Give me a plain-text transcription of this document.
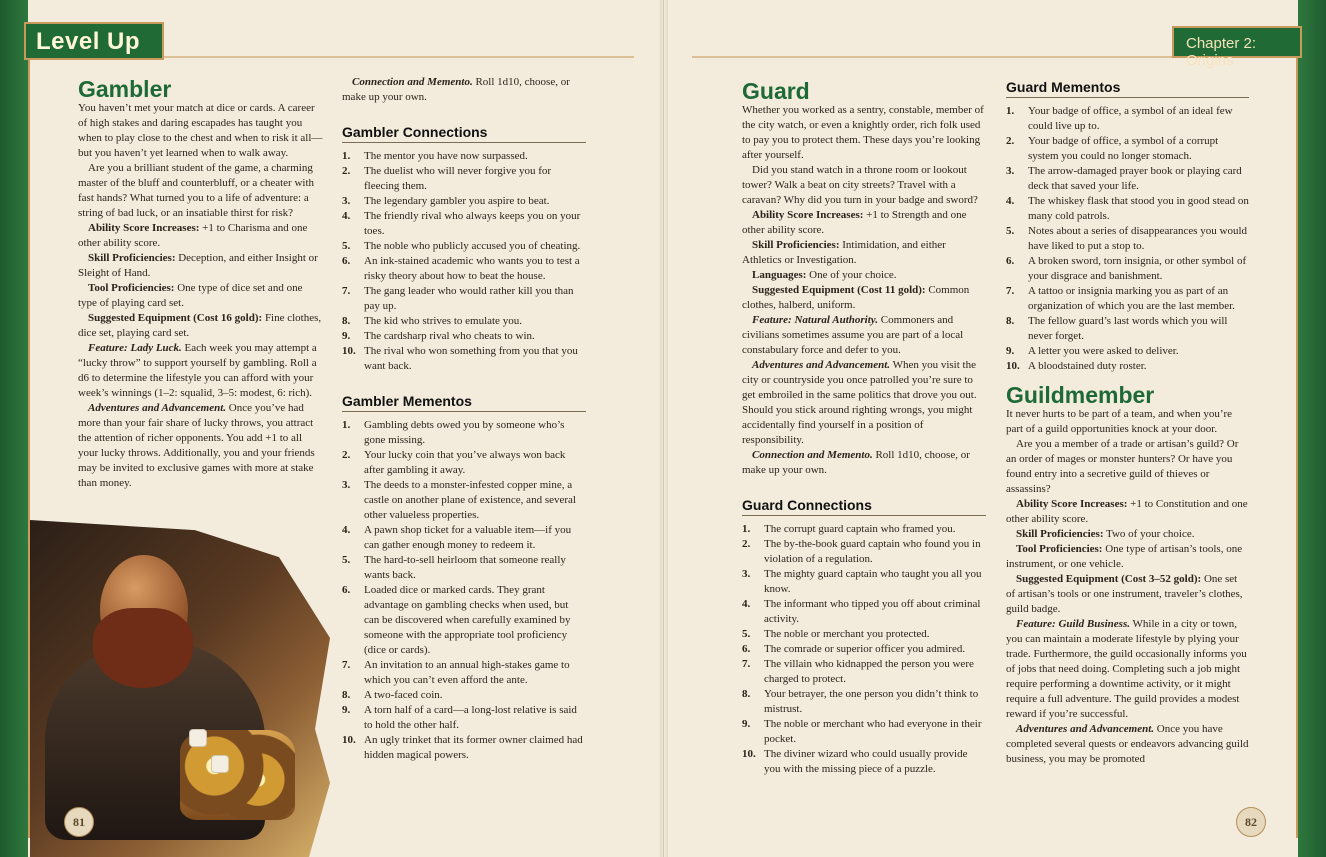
Level Up	Chapter 2: Origins
81	82
Gambler

You haven’t met your match at dice or cards. A career of high stakes and daring escapades has taught you when to play close to the chest and when to risk it all—but you haven’t yet learned when to walk away.

Are you a brilliant student of the game, a charming master of the bluff and counterbluff, or a cheater with fast hands? What turned you to a life of adventure: a string of bad luck, or an insatiable thirst for risk?

Ability Score Increases: +1 to Charisma and one other ability score.

Skill Proficiencies: Deception, and either Insight or Sleight of Hand.

Tool Proficiencies: One type of dice set and one type of playing card set.

Suggested Equipment (Cost 16 gold): Fine clothes, dice set, playing card set.

Feature: Lady Luck. Each week you may attempt a “lucky throw” to support yourself by gambling. Roll a d6 to determine the lifestyle you can afford with your week’s winnings (1–2: squalid, 3–5: modest, 6: rich).

Adventures and Advancement. Once you’ve had more than your fair share of lucky throws, you attract the attention of richer opponents. You add +1 to all your lucky throws. Additionally, you and your friends may be invited to exclusive games with more at stake than money.

Connection and Memento. Roll 1d10, choose, or make up your own.

Gambler Connections
1.	The mentor you have now surpassed.
2.	The duelist who will never forgive you for fleecing them.
3.	The legendary gambler you aspire to beat.
4.	The friendly rival who always keeps you on your toes.
5.	The noble who publicly accused you of cheating.
6.	An ink-stained academic who wants you to test a risky theory about how to beat the house.
7.	The gang leader who would rather kill you than pay up.
8.	The kid who strives to emulate you.
9.	The cardsharp rival who cheats to win.
10. The rival who won something from you that you want back.
Gambler Mementos
1.	Gambling debts owed you by someone who’s gone missing.
2.	Your lucky coin that you’ve always won back after gambling it away.
3.	The deeds to a monster-infested copper mine, a castle on another plane of existence, and several other valueless properties.
4.	A pawn shop ticket for a valuable item—if you can gather enough money to redeem it.
5.	The hard-to-sell heirloom that someone really wants back.
6.	Loaded dice or marked cards. They grant advantage on gambling checks when used, but can be discovered when carefully examined by someone with the appropriate tool proficiency (dice or cards).
7.	An invitation to an annual high-stakes game to which you can’t even afford the ante.
8.	A two-faced coin.
9.	A torn half of a card—a long-lost relative is said to hold the other half.
10. An ugly trinket that its former owner claimed had hidden magical powers.
Guard

Whether you worked as a sentry, constable, member of the city watch, or even a knightly order, rich folk used to pay you to protect them. These days you’re looking after yourself.

Did you stand watch in a throne room or lookout tower? Walk a beat on city streets? Travel with a caravan? Why did you turn in your badge and sword?

Ability Score Increases: +1 to Strength and one other ability score.

Skill Proficiencies: Intimidation, and either Athletics or Investigation.

Languages: One of your choice.

Suggested Equipment (Cost 11 gold): Common clothes, halberd, uniform.

Feature: Natural Authority. Commoners and civilians sometimes assume you are part of a local constabulary force and defer to you.

Adventures and Advancement. When you visit the city or countryside you once patrolled you’re sure to get embroiled in the same politics that drove you out. Should you stick around righting wrongs, you might accidentally find yourself in a position of responsibility.

Connection and Memento. Roll 1d10, choose, or make up your own.

Guard Connections
1.	The corrupt guard captain who framed you.
2.	The by-the-book guard captain who found you in violation of a regulation.
3.	The mighty guard captain who taught you all you know.
4.	The informant who tipped you off about criminal activity.
5.	The noble or merchant you protected.
6.	The comrade or superior officer you admired.
7.	The villain who kidnapped the person you were charged to protect.
8.	Your betrayer, the one person you didn’t think to mistrust.
9.	The noble or merchant who had everyone in their pocket.
10. The diviner wizard who could usually provide you with the missing piece of a puzzle.
Guard Mementos
1.	Your badge of office, a symbol of an ideal few could live up to.
2.	Your badge of office, a symbol of a corrupt system you could no longer stomach.
3.	The arrow-damaged prayer book or playing card deck that saved your life.
4.	The whiskey flask that stood you in good stead on many cold patrols.
5.	Notes about a series of disappearances you would have liked to put a stop to.
6.	A broken sword, torn insignia, or other symbol of your disgrace and banishment.
7.	A tattoo or insignia marking you as part of an organization of which you are the last member.
8.	The fellow guard’s last words which you will never forget.
9.	A letter you were asked to deliver.
10. A bloodstained duty roster.
Guildmember

It never hurts to be part of a team, and when you’re part of a guild opportunities knock at your door.

Are you a member of a trade or artisan’s guild? Or an order of mages or monster hunters? Or have you found entry into a secretive guild of thieves or assassins?

Ability Score Increases: +1 to Constitution and one other ability score.

Skill Proficiencies: Two of your choice.

Tool Proficiencies: One type of artisan’s tools, one instrument, or one vehicle.

Suggested Equipment (Cost 3–52 gold): One set of artisan’s tools or one instrument, traveler’s clothes, guild badge.

Feature: Guild Business. While in a city or town, you can maintain a moderate lifestyle by plying your trade. Furthermore, the guild occasionally informs you of jobs that need doing. Completing such a job might require performing a downtime activity, or it might require a full adventure. The guild provides a modest reward if you’re successful.

Adventures and Advancement. Once you have completed several quests or endeavors advancing guild business, you may be promoted
